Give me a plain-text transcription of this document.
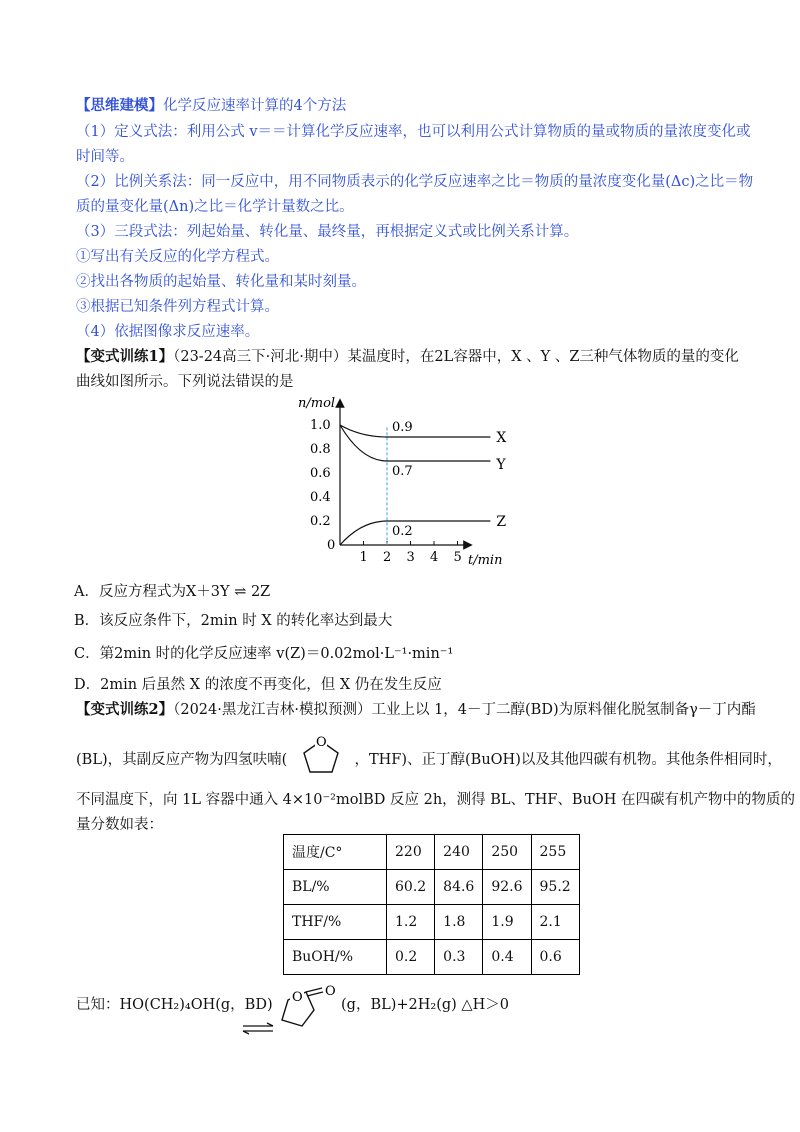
【思维建模】化学反应速率计算的4个方法
（1）定义式法：利用公式 v＝＝计算化学反应速率，也可以利用公式计算物质的量或物质的量浓度变化或
时间等。
（2）比例关系法：同一反应中，用不同物质表示的化学反应速率之比＝物质的量浓度变化量(Δc)之比＝物
质的量变化量(Δn)之比＝化学计量数之比。
（3）三段式法：列起始量、转化量、最终量，再根据定义式或比例关系计算。
①写出有关反应的化学方程式。
②找出各物质的起始量、转化量和某时刻量。
③根据已知条件列方程式计算。
（4）依据图像求反应速率。
【变式训练1】（23-24高三下·河北·期中）某温度时，在2L容器中，X 、Y 、Z三种气体物质的量的变化
曲线如图所示。下列说法错误的是
n/mol
t/min
0
0.2
0.4
0.6
0.8
1.0
1 2 3 4 5
X
0.9
Y
0.7
Z
0.2
A．反应方程式为X＋3Y ⇌ 2Z
B．该反应条件下，2min 时 X 的转化率达到最大
C．第2min 时的化学反应速率 v(Z)＝0.02mol·L⁻¹·min⁻¹
D．2min 后虽然 X 的浓度不再变化，但 X 仍在发生反应
【变式训练2】（2024·黑龙江吉林·模拟预测）工业上以 1，4－丁二醇(BD)为原料催化脱氢制备γ－丁内酯
(BL)，其副反应产物为四氢呋喃(
O
，THF)、正丁醇(BuOH)以及其他四碳有机物。其他条件相同时，
不同温度下，向 1L 容器中通入 4×10⁻²molBD 反应 2h，测得 BL、THF、BuOH 在四碳有机产物中的物质的
量分数如表：
温度/C°	220	240	250	255
BL/%	60.2	84.6	92.6	95.2
THF/%	1.2	1.8	1.9	2.1
BuOH/%	0.2	0.3	0.4	0.6
已知：HO(CH₂)₄OH(g，BD) O O
(g，BL)+2H₂(g) △H＞0
